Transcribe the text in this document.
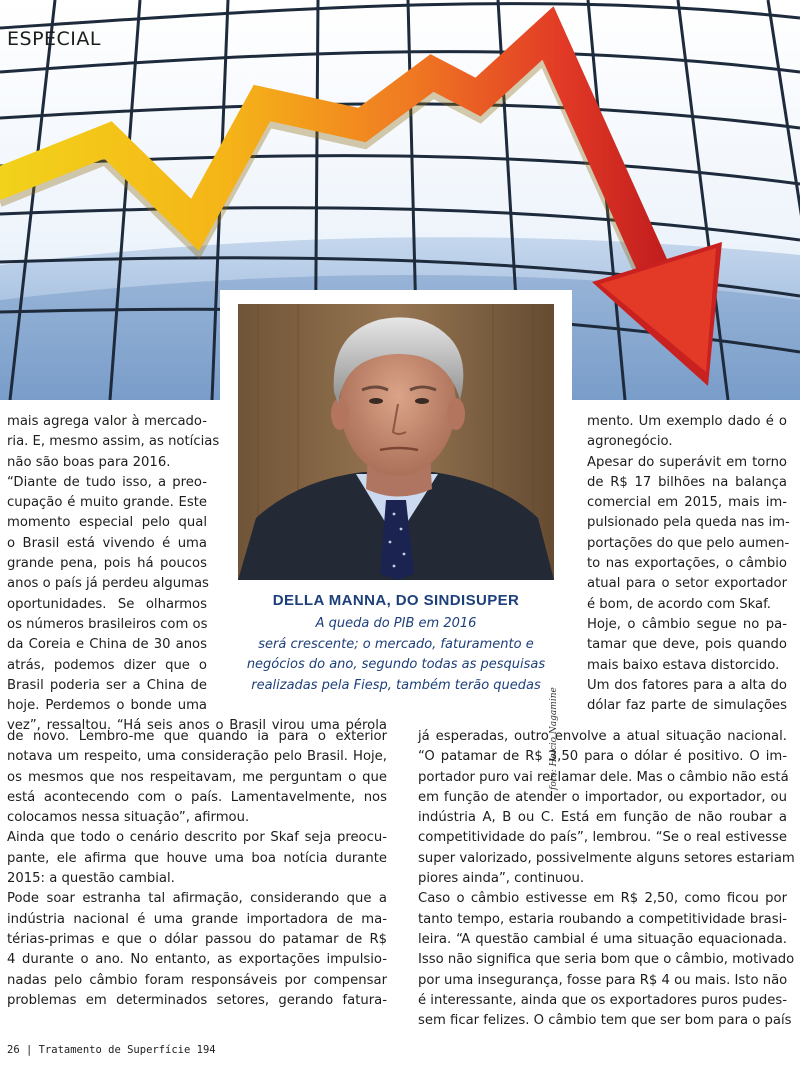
ESPECIAL
foto: Helcio Nagamine
DELLA MANNA, DO SINDISUPER

A queda do PIB em 2016
será crescente; o mercado, faturamento e
negócios do ano, segundo todas as pesquisas
realizadas pela Fiesp, também terão quedas

mais agrega valor à mercado-
ria. E, mesmo assim, as notícias
não são boas para 2016.
“Diante de tudo isso, a preo-
cupação é muito grande. Este
momento especial pelo qual
o Brasil está vivendo é uma
grande pena, pois há poucos
anos o país já perdeu algumas
oportunidades. Se olharmos
os números brasileiros com os
da Coreia e China de 30 anos
atrás, podemos dizer que o
Brasil poderia ser a China de
hoje. Perdemos o bonde uma
vez”, ressaltou. “Há seis anos o Brasil virou uma pérola

mento. Um exemplo dado é o
agronegócio.
Apesar do superávit em torno
de R$ 17 bilhões na balança
comercial em 2015, mais im-
pulsionado pela queda nas im-
portações do que pelo aumen-
to nas exportações, o câmbio
atual para o setor exportador
é bom, de acordo com Skaf.
Hoje, o câmbio segue no pa-
tamar que deve, pois quando
mais baixo estava distorcido.
Um dos fatores para a alta do
dólar faz parte de simulações

de novo. Lembro-me que quando ia para o exterior
notava um respeito, uma consideração pelo Brasil. Hoje,
os mesmos que nos respeitavam, me perguntam o que
está acontecendo com o país. Lamentavelmente, nos
colocamos nessa situação”, afirmou.
Ainda que todo o cenário descrito por Skaf seja preocu-
pante, ele afirma que houve uma boa notícia durante
2015: a questão cambial.
Pode soar estranha tal afirmação, considerando que a
indústria nacional é uma grande importadora de ma-
térias-primas e que o dólar passou do patamar de R$
4 durante o ano. No entanto, as exportações impulsio-
nadas pelo câmbio foram responsáveis por compensar
problemas em determinados setores, gerando fatura-

já esperadas, outro envolve a atual situação nacional.
“O patamar de R$ 3,50 para o dólar é positivo. O im-
portador puro vai reclamar dele. Mas o câmbio não está
em função de atender o importador, ou exportador, ou
indústria A, B ou C. Está em função de não roubar a
competitividade do país”, lembrou. “Se o real estivesse
super valorizado, possivelmente alguns setores estariam
piores ainda”, continuou.
Caso o câmbio estivesse em R$ 2,50, como ficou por
tanto tempo, estaria roubando a competitividade brasi-
leira. “A questão cambial é uma situação equacionada.
Isso não significa que seria bom que o câmbio, motivado
por uma insegurança, fosse para R$ 4 ou mais. Isto não
é interessante, ainda que os exportadores puros pudes-
sem ficar felizes. O câmbio tem que ser bom para o país

26 | Tratamento de Superfície 194
